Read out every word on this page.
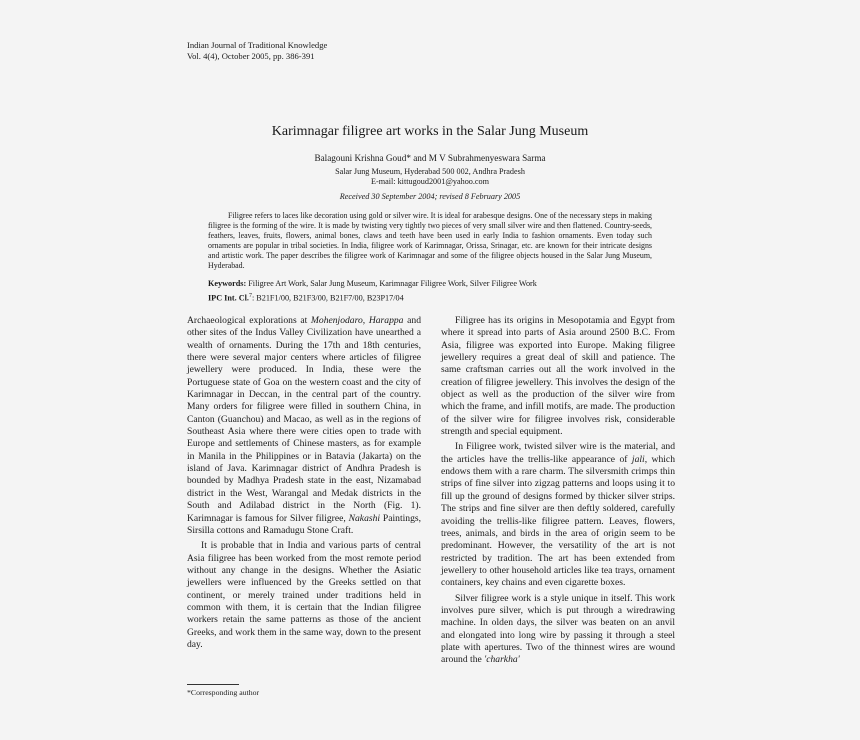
Indian Journal of Traditional Knowledge
Vol. 4(4), October 2005, pp. 386-391
Karimnagar filigree art works in the Salar Jung Museum
Balagouni Krishna Goud* and M V Subrahmenyeswara Sarma
Salar Jung Museum, Hyderabad 500 002, Andhra Pradesh
E-mail: kittugoud2001@yahoo.com
Received 30 September 2004; revised 8 February 2005
Filigree refers to laces like decoration using gold or silver wire. It is ideal for arabesque designs. One of the necessary steps in making filigree is the forming of the wire. It is made by twisting very tightly two pieces of very small silver wire and then flattened. Country-seeds, feathers, leaves, fruits, flowers, animal bones, claws and teeth have been used in early India to fashion ornaments. Even today such ornaments are popular in tribal societies. In India, filigree work of Karimnagar, Orissa, Srinagar, etc. are known for their intricate designs and artistic work. The paper describes the filigree work of Karimnagar and some of the filigree objects housed in the Salar Jung Museum, Hyderabad.
Keywords: Filigree Art Work, Salar Jung Museum, Karimnagar Filigree Work, Silver Filigree Work
IPC Int. Cl.$^7$: B21F1/00, B21F3/00, B21F7/00, B23P17/04

Archaeological explorations at Mohenjodaro, Harappa and other sites of the Indus Valley Civilization have unearthed a wealth of ornaments. During the 17th and 18th centuries, there were several major centers where articles of filigree jewellery were produced. In India, these were the Portuguese state of Goa on the western coast and the city of Karimnagar in Deccan, in the central part of the country. Many orders for filigree were filled in southern China, in Canton (Guanchou) and Macao, as well as in the regions of Southeast Asia where there were cities open to trade with Europe and settlements of Chinese masters, as for example in Manila in the Philippines or in Batavia (Jakarta) on the island of Java. Karimnagar district of Andhra Pradesh is bounded by Madhya Pradesh state in the east, Nizamabad district in the West, Warangal and Medak districts in the South and Adilabad district in the North (Fig. 1). Karimnagar is famous for Silver filigree, Nakashi Paintings, Sirsilla cottons and Ramadugu Stone Craft.

It is probable that in India and various parts of central Asia filigree has been worked from the most remote period without any change in the designs. Whether the Asiatic jewellers were influenced by the Greeks settled on that continent, or merely trained under traditions held in common with them, it is certain that the Indian filigree workers retain the same patterns as those of the ancient Greeks, and work them in the same way, down to the present day.

Filigree has its origins in Mesopotamia and Egypt from where it spread into parts of Asia around 2500 B.C. From Asia, filigree was exported into Europe. Making filigree jewellery requires a great deal of skill and patience. The same craftsman carries out all the work involved in the creation of filigree jewellery. This involves the design of the object as well as the production of the silver wire from which the frame, and infill motifs, are made. The production of the silver wire for filigree involves risk, considerable strength and special equipment.

In Filigree work, twisted silver wire is the material, and the articles have the trellis-like appearance of jali, which endows them with a rare charm. The silversmith crimps thin strips of fine silver into zigzag patterns and loops using it to fill up the ground of designs formed by thicker silver strips. The strips and fine silver are then deftly soldered, carefully avoiding the trellis-like filigree pattern. Leaves, flowers, trees, animals, and birds in the area of origin seem to be predominant. However, the versatility of the art is not restricted by tradition. The art has been extended from jewellery to other household articles like tea trays, ornament containers, key chains and even cigarette boxes.

Silver filigree work is a style unique in itself. This work involves pure silver, which is put through a wiredrawing machine. In olden days, the silver was beaten on an anvil and elongated into long wire by passing it through a steel plate with apertures. Two of the thinnest wires are wound around the 'charkha'

*Corresponding author
